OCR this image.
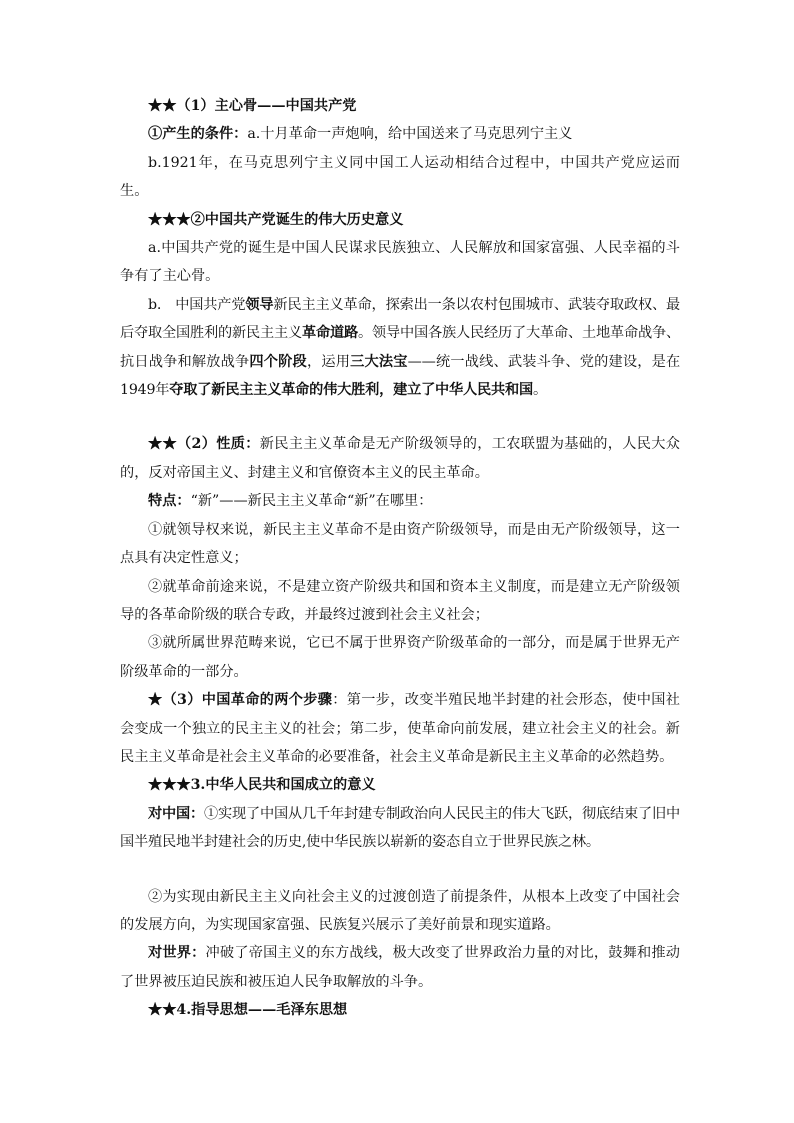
★★（1）主心骨——中国共产党

①产生的条件：a.十月革命一声炮响，给中国送来了马克思列宁主义

b.1921年，在马克思列宁主义同中国工人运动相结合过程中，中国共产党应运而生。

★★★②中国共产党诞生的伟大历史意义

a.中国共产党的诞生是中国人民谋求民族独立、人民解放和国家富强、人民幸福的斗争有了主心骨。

b.　中国共产党领导新民主主义革命，探索出一条以农村包围城市、武装夺取政权、最后夺取全国胜利的新民主主义革命道路。领导中国各族人民经历了大革命、土地革命战争、抗日战争和解放战争四个阶段，运用三大法宝——统一战线、武装斗争、党的建设，是在1949年夺取了新民主主义革命的伟大胜利，建立了中华人民共和国。

★★（2）性质：新民主主义革命是无产阶级领导的，工农联盟为基础的，人民大众的，反对帝国主义、封建主义和官僚资本主义的民主革命。

特点：“新”——新民主主义革命“新”在哪里：

①就领导权来说，新民主主义革命不是由资产阶级领导，而是由无产阶级领导，这一点具有决定性意义；

②就革命前途来说，不是建立资产阶级共和国和资本主义制度，而是建立无产阶级领导的各革命阶级的联合专政，并最终过渡到社会主义社会；

③就所属世界范畴来说，它已不属于世界资产阶级革命的一部分，而是属于世界无产阶级革命的一部分。

★（3）中国革命的两个步骤：第一步，改变半殖民地半封建的社会形态，使中国社会变成一个独立的民主主义的社会；第二步，使革命向前发展，建立社会主义的社会。新民主主义革命是社会主义革命的必要准备，社会主义革命是新民主主义革命的必然趋势。

★★★3.中华人民共和国成立的意义

对中国：①实现了中国从几千年封建专制政治向人民民主的伟大飞跃，彻底结束了旧中国半殖民地半封建社会的历史,使中华民族以崭新的姿态自立于世界民族之林。

②为实现由新民主主义向社会主义的过渡创造了前提条件，从根本上改变了中国社会的发展方向，为实现国家富强、民族复兴展示了美好前景和现实道路。

对世界：冲破了帝国主义的东方战线，极大改变了世界政治力量的对比，鼓舞和推动了世界被压迫民族和被压迫人民争取解放的斗争。

★★4.指导思想——毛泽东思想
